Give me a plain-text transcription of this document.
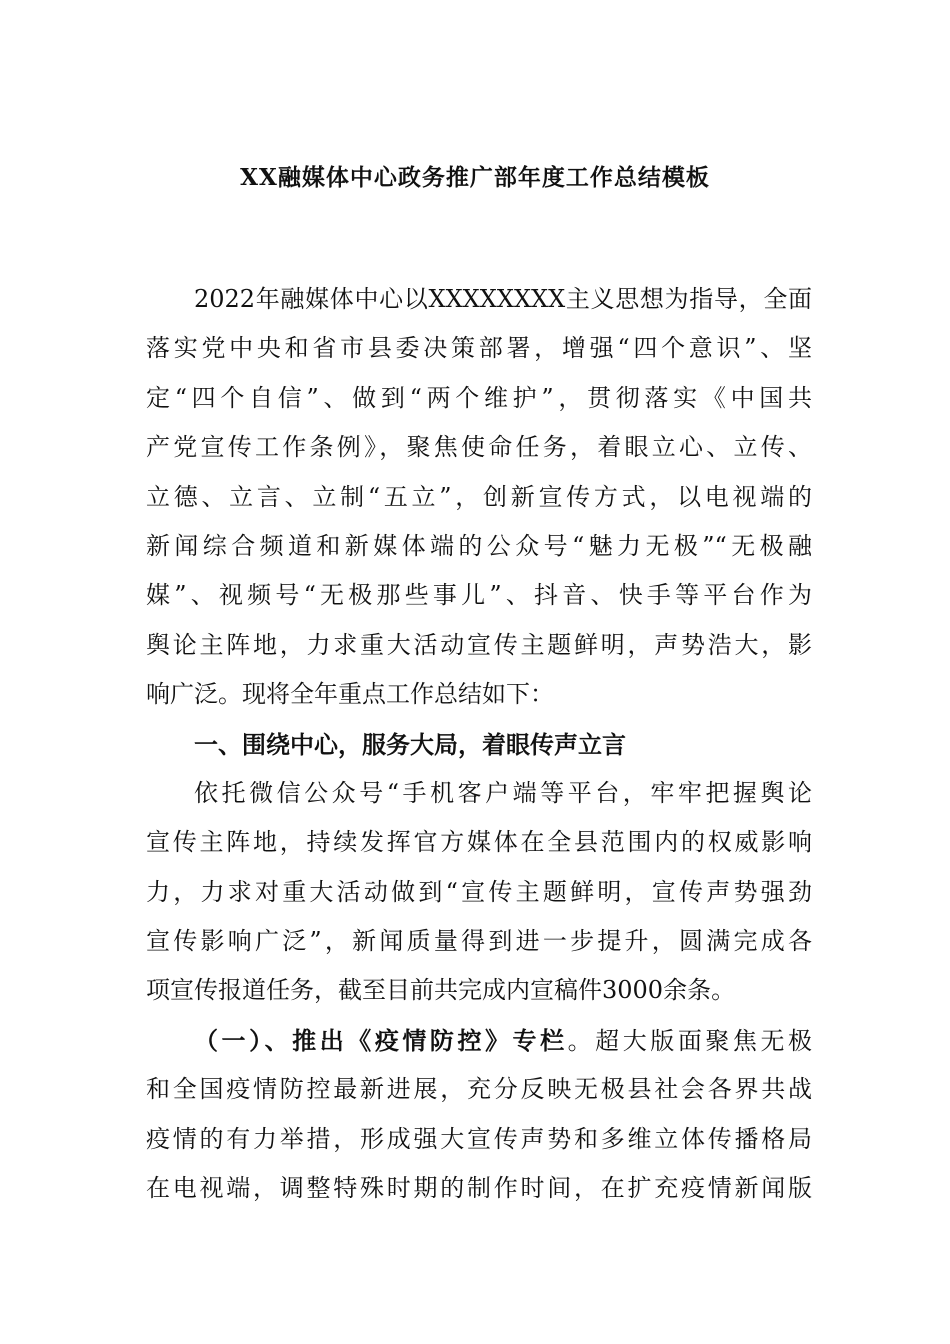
XX融媒体中心政务推广部年度工作总结模板
2022年融媒体中心以XXXXXXXX主义思想为指导，全面
落实党中央和省市县委决策部署，增强“四个意识”、坚
定“四个自信”、做到“两个维护”，贯彻落实《中国共
产党宣传工作条例》，聚焦使命任务，着眼立心、立传、
立德、立言、立制“五立”，创新宣传方式，以电视端的
新闻综合频道和新媒体端的公众号“魅力无极”“无极融
媒”、视频号“无极那些事儿”、抖音、快手等平台作为
舆论主阵地，力求重大活动宣传主题鲜明，声势浩大，影
响广泛。现将全年重点工作总结如下：
一、围绕中心，服务大局，着眼传声立言
依托微信公众号“手机客户端等平台，牢牢把握舆论
宣传主阵地，持续发挥官方媒体在全县范围内的权威影响
力，力求对重大活动做到“宣传主题鲜明，宣传声势强劲
宣传影响广泛”，新闻质量得到进一步提升，圆满完成各
项宣传报道任务，截至目前共完成内宣稿件3000余条。
（一）、推出《疫情防控》专栏。超大版面聚焦无极
和全国疫情防控最新进展，充分反映无极县社会各界共战
疫情的有力举措，形成强大宣传声势和多维立体传播格局
在电视端，调整特殊时期的制作时间，在扩充疫情新闻版
